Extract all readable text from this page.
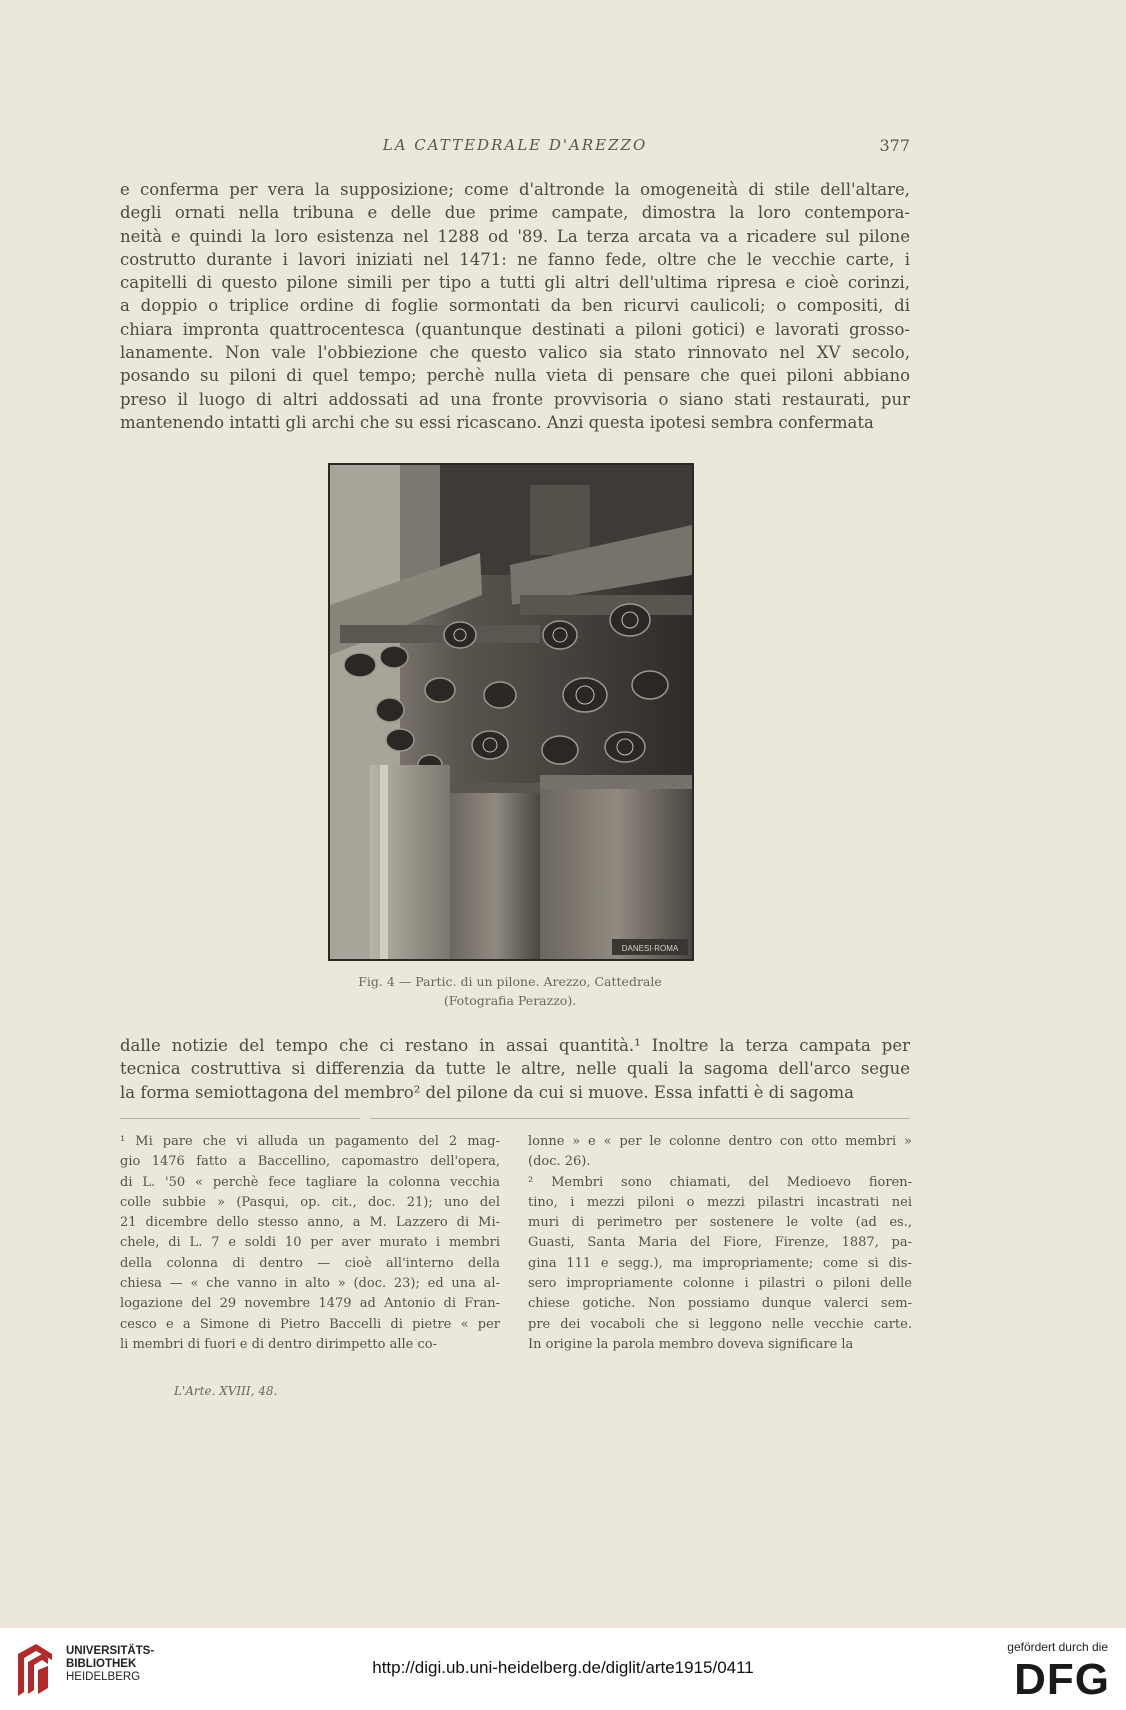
LA CATTEDRALE D'AREZZO	377
e conferma per vera la supposizione; come d'altronde la omogeneità di stile dell'altare,
degli ornati nella tribuna e delle due prime campate, dimostra la loro contempora-
neità e quindi la loro esistenza nel 1288 od '89. La terza arcata va a ricadere sul pilone
costrutto durante i lavori iniziati nel 1471: ne fanno fede, oltre che le vecchie carte, i
capitelli di questo pilone simili per tipo a tutti gli altri dell'ultima ripresa e cioè corinzi,
a doppio o triplice ordine di foglie sormontati da ben ricurvi caulicoli; o compositi, di
chiara impronta quattrocentesca (quantunque destinati a piloni gotici) e lavorati grosso-
lanamente. Non vale l'obbiezione che questo valico sia stato rinnovato nel XV secolo,
posando su piloni di quel tempo; perchè nulla vieta di pensare che quei piloni abbiano
preso il luogo di altri addossati ad una fronte provvisoria o siano stati restaurati, pur
mantenendo intatti gli archi che su essi ricascano. Anzi questa ipotesi sembra confermata
DANESI·ROMA
Fig. 4 — Partic. di un pilone. Arezzo, Cattedrale
(Fotografia Perazzo).
dalle notizie del tempo che ci restano in assai quantità.¹ Inoltre la terza campata per
tecnica costruttiva si differenzia da tutte le altre, nelle quali la sagoma dell'arco segue
la forma semiottagona del membro² del pilone da cui si muove. Essa infatti è di sagoma
¹ Mi pare che vi alluda un pagamento del 2 mag-
gio 1476 fatto a Baccellino, capomastro dell'opera,
di L. '50 « perchè fece tagliare la colonna vecchia
colle subbie » (Pasqui, op. cit., doc. 21); uno del
21 dicembre dello stesso anno, a M. Lazzero di Mi-
chele, di L. 7 e soldi 10 per aver murato i membri
della colonna di dentro — cioè all'interno della
chiesa — « che vanno in alto » (doc. 23); ed una al-
logazione del 29 novembre 1479 ad Antonio di Fran-
cesco e a Simone di Pietro Baccelli di pietre « per
li membri di fuori e di dentro dirimpetto alle co-
lonne » e « per le colonne dentro con otto membri »
(doc. 26).
² Membri sono chiamati, del Medioevo fioren-
tino, i mezzi piloni o mezzi pilastri incastrati nei
muri di perimetro per sostenere le volte (ad es.,
Guasti, Santa Maria del Fiore, Firenze, 1887, pa-
gina 111 e segg.), ma impropriamente; come si dis-
sero impropriamente colonne i pilastri o piloni delle
chiese gotiche. Non possiamo dunque valerci sem-
pre dei vocaboli che si leggono nelle vecchie carte.
In origine la parola membro doveva significare la
L'Arte. XVIII, 48.
UNIVERSITÄTS-
BIBLIOTHEK
HEIDELBERG	http://digi.ub.uni-heidelberg.de/diglit/arte1915/0411
gefördert durch die
DFG
